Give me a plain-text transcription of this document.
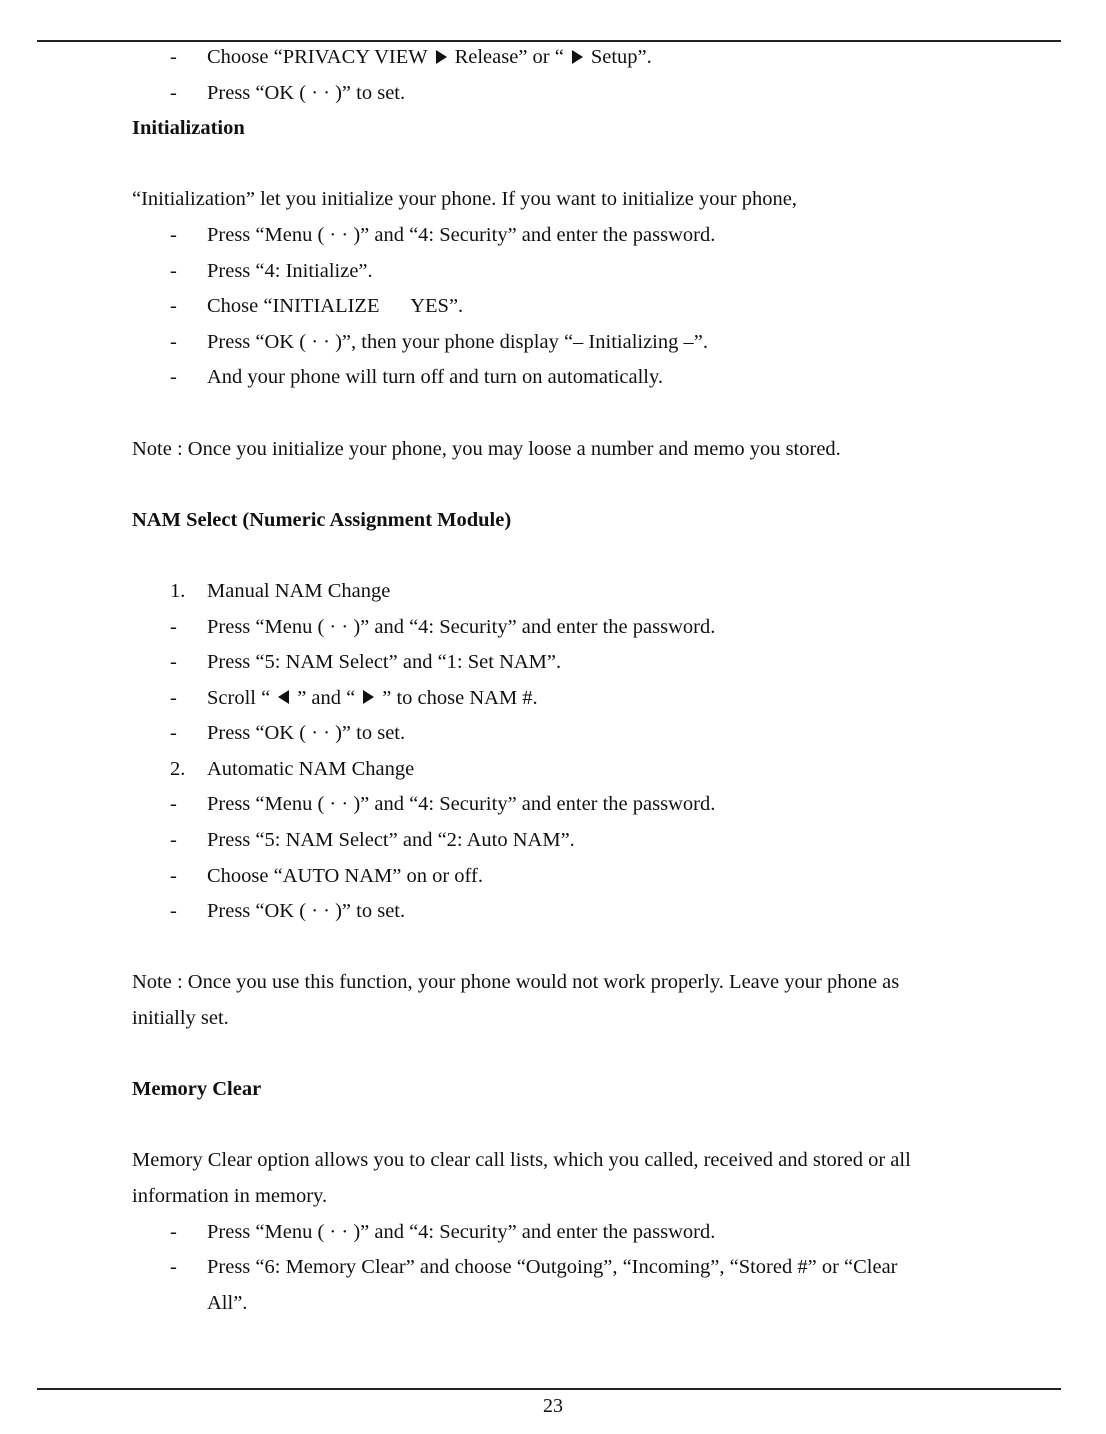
-	Choose “PRIVACY VIEW Release” or “ Setup”.
-	Press “OK ( · · )” to set.
Initialization
“Initialization” let you initialize your phone. If you want to initialize your phone,
-	Press “Menu ( · · )” and “4: Security” and enter the password.
-	Press “4: Initialize”.
-	Chose “INITIALIZE      YES”.
-	Press “OK ( · · )”, then your phone display “– Initializing –”.
-	And your phone will turn off and turn on automatically.
Note : Once you initialize your phone, you may loose a number and memo you stored.
NAM Select (Numeric Assignment Module)
1.	Manual NAM Change
-	Press “Menu ( · · )” and “4: Security” and enter the password.
-	Press “5: NAM Select” and “1: Set NAM”.
-	Scroll “ ” and “ ” to chose NAM #.
-	Press “OK ( · · )” to set.
2.	Automatic NAM Change
-	Press “Menu ( · · )” and “4: Security” and enter the password.
-	Press “5: NAM Select” and “2: Auto NAM”.
-	Choose “AUTO NAM” on or off.
-	Press “OK ( · · )” to set.
Note : Once you use this function, your phone would not work properly. Leave your phone as
initially set.
Memory Clear
Memory Clear option allows you to clear call lists, which you called, received and stored or all
information in memory.
-	Press “Menu ( · · )” and “4: Security” and enter the password.
-	Press “6: Memory Clear” and choose “Outgoing”, “Incoming”, “Stored #” or “Clear
All”.
23
